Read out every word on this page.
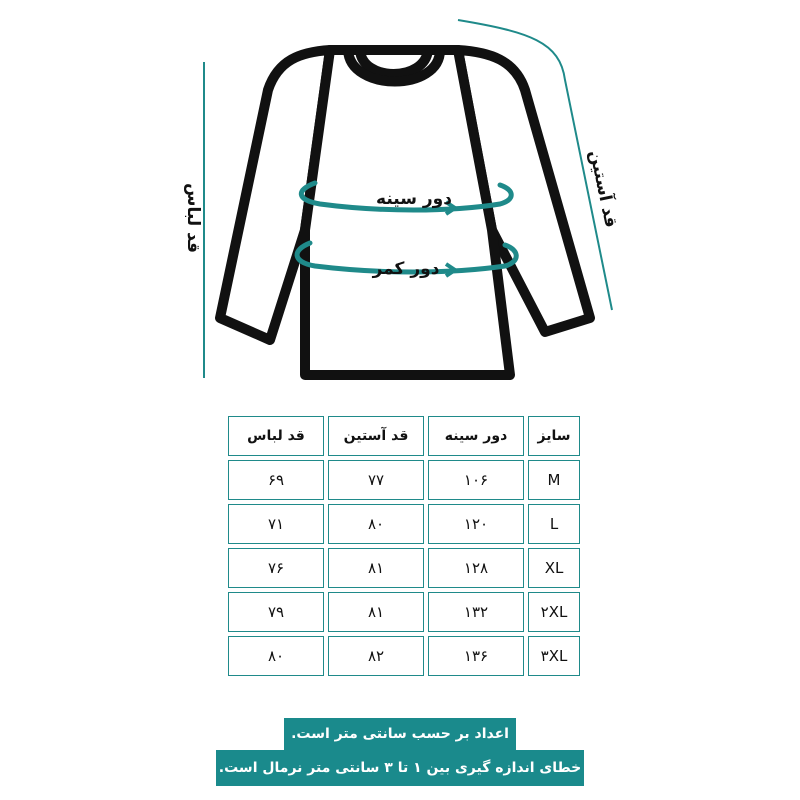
دور سینه
دور کمر
قد لباس	قد آستین
سایز
دور سینه
قد آستین
قد لباس
M
۱۰۶
۷۷
۶۹
L
۱۲۰
۸۰
۷۱
XL
۱۲۸
۸۱
۷۶
۲XL
۱۳۲
۸۱
۷۹
۳XL
۱۳۶
۸۲
۸۰
اعداد بر حسب سانتی متر است.
خطای اندازه گیری بین ۱ تا ۳ سانتی متر نرمال است.
